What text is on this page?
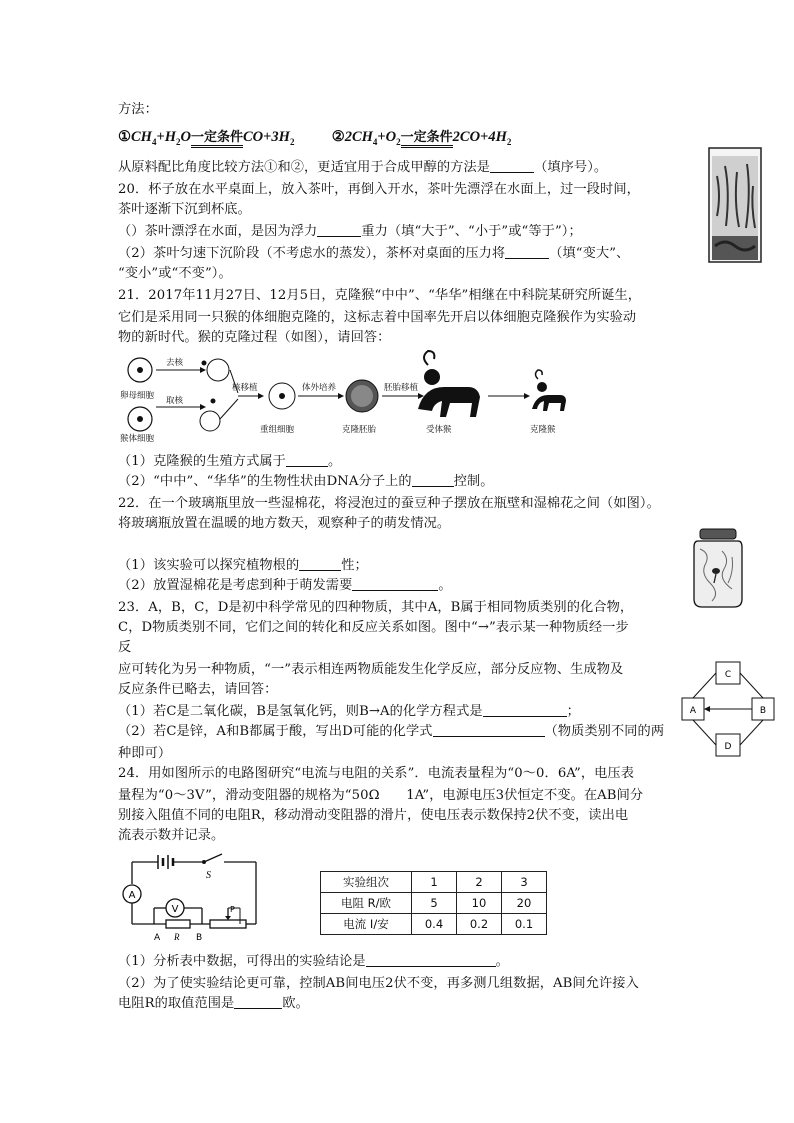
方法：
$①CH_4+H_2O$一定条件$CO+3H_2$	$②2CH_4+O_2$一定条件$2CO+4H_2$
从原料配比角度比较方法①和②，更适宜用于合成甲醇的方法是	（填序号）。
20．杯子放在水平桌面上，放入茶叶，再倒入开水，茶叶先漂浮在水面上，过一段时间，
茶叶逐渐下沉到杯底。
（）茶叶漂浮在水面，是因为浮力	重力（填“大于”、“小于”或“等于”）；
（2）茶叶匀速下沉阶段（不考虑水的蒸发），茶杯对桌面的压力将	（填“变大”、
“变小”或“不变”）。
21．2017年11月27日、12月5日，克隆猴“中中”、“华华”相继在中科院某研究所诞生，
它们是采用同一只猴的体细胞克隆的，这标志着中国率先开启以体细胞克隆猴作为实验动
物的新时代。猴的克隆过程（如图），请回答：
卵母细胞
去核
猴体细胞
取核
核移植
重组细胞
体外培养
克隆胚胎
胚胎移植
受体猴	克隆猴
（1）克隆猴的生殖方式属于	。
（2）“中中”、“华华”的生物性状由DNA分子上的	控制。
22．在一个玻璃瓶里放一些湿棉花，将浸泡过的蚕豆种子摆放在瓶壁和湿棉花之间（如图）。
将玻璃瓶放置在温暖的地方数天，观察种子的萌发情况。
（1）该实验可以探究植物根的	性；
（2）放置湿棉花是考虑到种于萌发需要	。
23．A，B，C，D是初中科学常见的四种物质，其中A，B属于相同物质类别的化合物，
C，D物质类别不同，它们之间的转化和反应关系如图。图中“→”表示某一种物质经一步
反
应可转化为另一种物质，“一”表示相连两物质能发生化学反应，部分反应物、生成物及
反应条件已略去，请回答：
（1）若C是二氧化碳，B是氢氧化钙，则B→A的化学方程式是	；
（2）若C是锌，A和B都属于酸，写出D可能的化学式	（物质类别不同的两
种即可）
C
A	B
D
24．用如图所示的电路图研究“电流与电阻的关系”．电流表量程为“0～0．6A”，电压表
量程为“0～3V”，滑动变阻器的规格为“50Ω　　1A”，电源电压3伏恒定不变。在AB间分
别接入阻值不同的电阻R，移动滑动变阻器的滑片，使电压表示数保持2伏不变，读出电
流表示数并记录。
S
A
P
V
A R B
实验组次	1	2	3
电阻 R/欧	5	10	20
电流 I/安	0.4	0.2	0.1
（1）分析表中数据，可得出的实验结论是	。
（2）为了使实验结论更可靠，控制AB间电压2伏不变，再多测几组数据，AB间允许接入
电阻R的取值范围是	欧。
